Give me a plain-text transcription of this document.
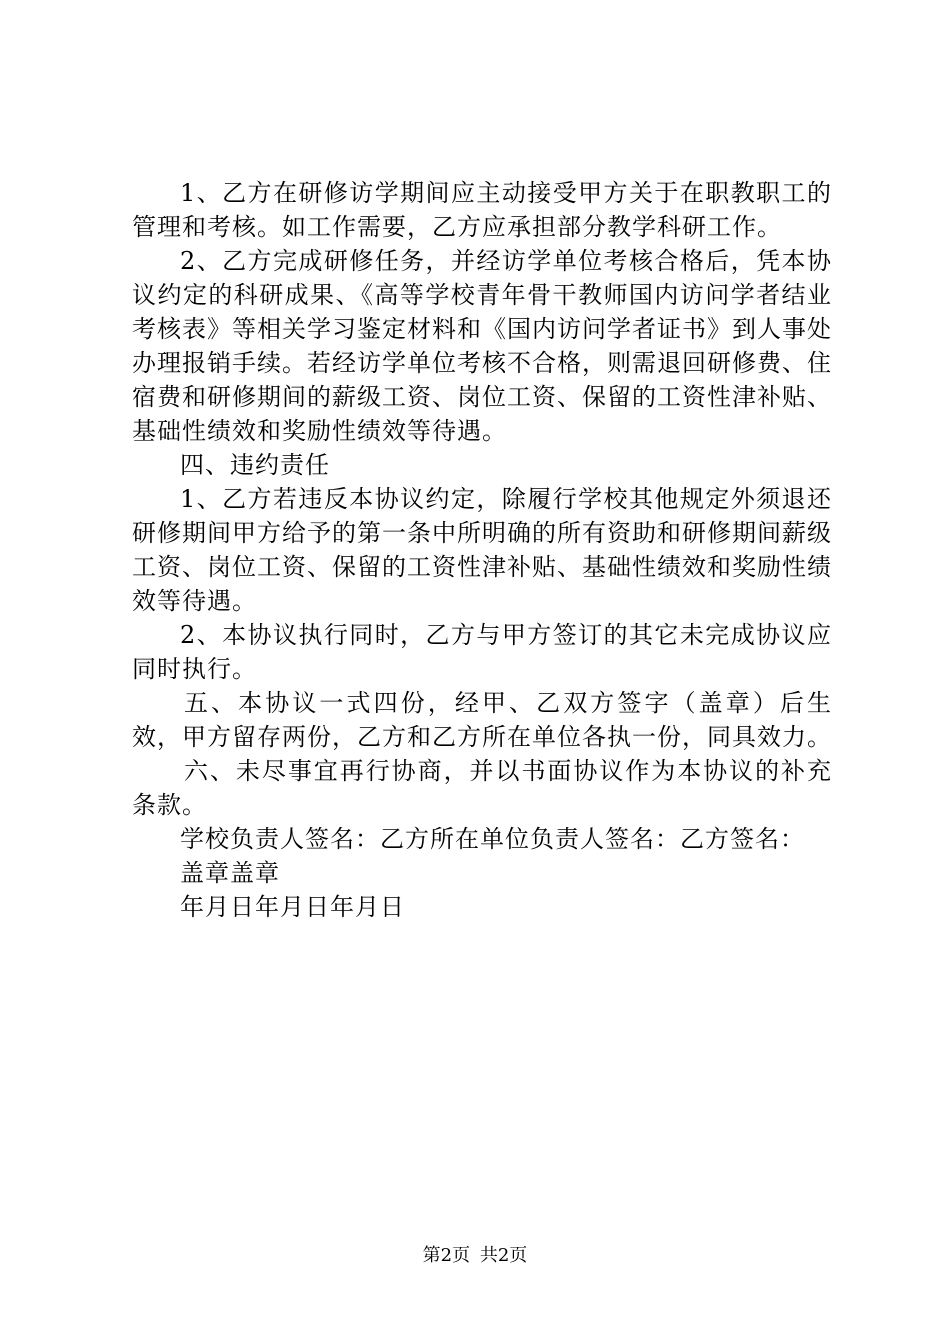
1、乙方在研修访学期间应主动接受甲方关于在职教职工的管理和考核。如工作需要，乙方应承担部分教学科研工作。

2、乙方完成研修任务，并经访学单位考核合格后，凭本协议约定的科研成果、《高等学校青年骨干教师国内访问学者结业考核表》等相关学习鉴定材料和《国内访问学者证书》到人事处办理报销手续。若经访学单位考核不合格，则需退回研修费、住宿费和研修期间的薪级工资、岗位工资、保留的工资性津补贴、基础性绩效和奖励性绩效等待遇。

四、违约责任

1、乙方若违反本协议约定，除履行学校其他规定外须退还研修期间甲方给予的第一条中所明确的所有资助和研修期间薪级工资、岗位工资、保留的工资性津补贴、基础性绩效和奖励性绩效等待遇。

2、本协议执行同时，乙方与甲方签订的其它未完成协议应同时执行。

五、本协议一式四份，经甲、乙双方签字（盖章）后生效，甲方留存两份，乙方和乙方所在单位各执一份，同具效力。

六、未尽事宜再行协商，并以书面协议作为本协议的补充条款。

学校负责人签名：乙方所在单位负责人签名：乙方签名：

盖章盖章

年月日年月日年月日

第2页 共2页
